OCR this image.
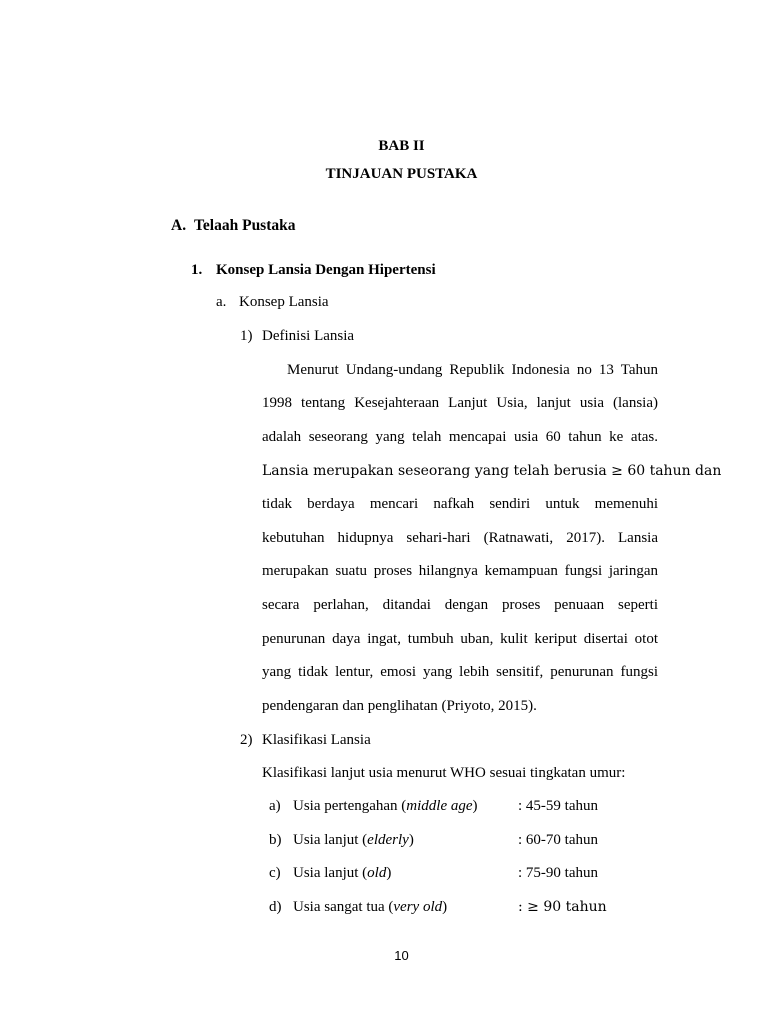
BAB II
TINJAUAN PUSTAKA
A. Telaah Pustaka
1. Konsep Lansia Dengan Hipertensi
a. Konsep Lansia
1) Definisi Lansia
Menurut Undang-undang Republik Indonesia no 13 Tahun
1998 tentang Kesejahteraan Lanjut Usia, lanjut usia (lansia)
adalah seseorang yang telah mencapai usia 60 tahun ke atas.
Lansia merupakan seseorang yang telah berusia ≥ 60 tahun dan
tidak berdaya mencari nafkah sendiri untuk memenuhi
kebutuhan hidupnya sehari-hari (Ratnawati, 2017). Lansia
merupakan suatu proses hilangnya kemampuan fungsi jaringan
secara perlahan, ditandai dengan proses penuaan seperti
penurunan daya ingat, tumbuh uban, kulit keriput disertai otot
yang tidak lentur, emosi yang lebih sensitif, penurunan fungsi
pendengaran dan penglihatan (Priyoto, 2015).
2) Klasifikasi Lansia
Klasifikasi lanjut usia menurut WHO sesuai tingkatan umur:
a) Usia pertengahan (middle age)	: 45-59 tahun
b) Usia lanjut (elderly)	: 60-70 tahun
c) Usia lanjut (old)	: 75-90 tahun
d) Usia sangat tua (very old)	: ≥ 90 tahun
10
